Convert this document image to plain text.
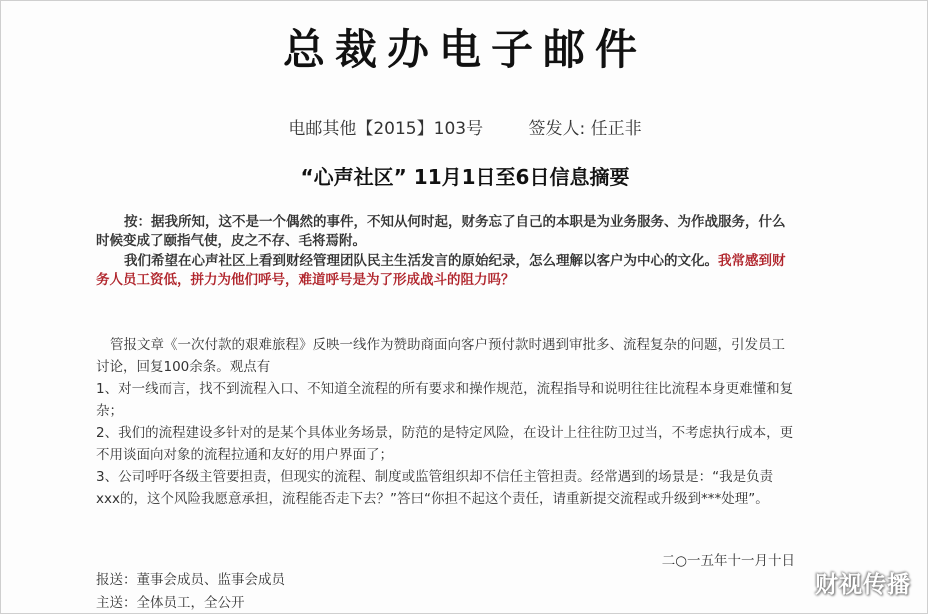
总裁办电子邮件
电邮其他【2015】103号	签发人: 任正非
“心声社区” 11月1日至6日信息摘要

按：据我所知，这不是一个偶然的事件，不知从何时起，财务忘了自己的本职是为业务服务、为作战服务，什么时候变成了颐指气使，皮之不存、毛将焉附。

我们希望在心声社区上看到财经管理团队民主生活发言的原始纪录，怎么理解以客户为中心的文化。我常感到财务人员工资低，拼力为他们呼号，难道呼号是为了形成战斗的阻力吗？

管报文章《一次付款的艰难旅程》反映一线作为赞助商面向客户预付款时遇到审批多、流程复杂的问题，引发员工讨论，回复100余条。观点有

1、对一线而言，找不到流程入口、不知道全流程的所有要求和操作规范，流程指导和说明往往比流程本身更难懂和复杂；

2、我们的流程建设多针对的是某个具体业务场景，防范的是特定风险，在设计上往往防卫过当，不考虑执行成本，更不用谈面向对象的流程拉通和友好的用户界面了；

3、公司呼吁各级主管要担责，但现实的流程、制度或监管组织却不信任主管担责。经常遇到的场景是：“我是负责xxx的，这个风险我愿意承担，流程能否走下去？”答曰“你担不起这个责任，请重新提交流程或升级到***处理”。

二○一五年十一月十日

报送：董事会成员、监事会成员

主送：全体员工，全公开

财视传播
